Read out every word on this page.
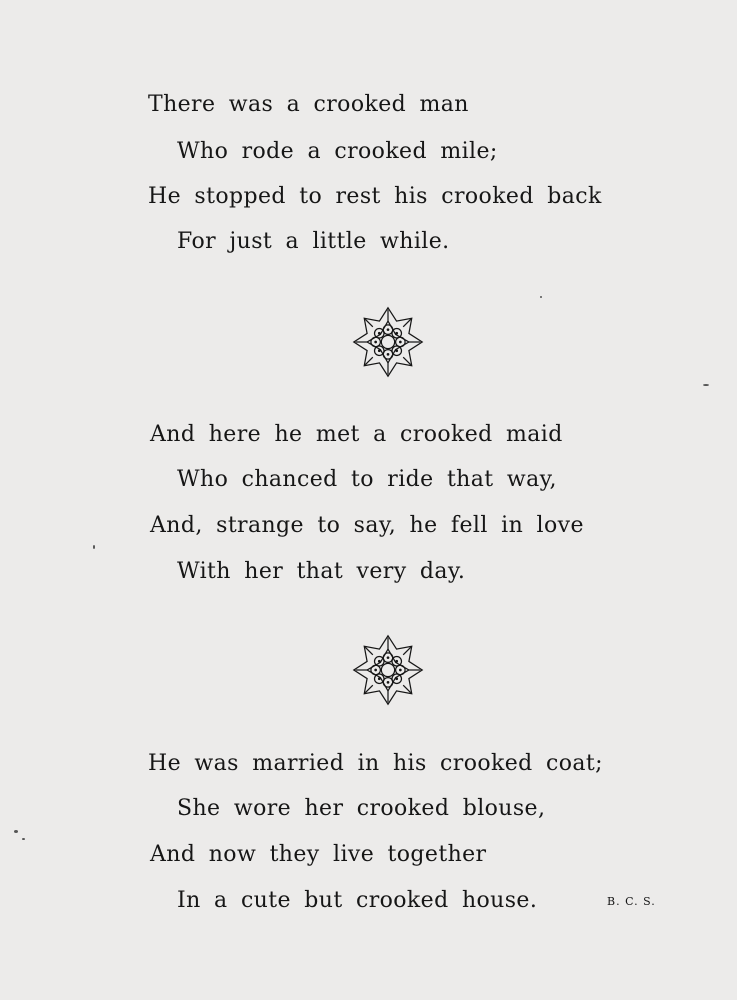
There was a crooked man
Who rode a crooked mile;
He stopped to rest his crooked back
For just a little while.
And here he met a crooked maid
Who chanced to ride that way,
And, strange to say, he fell in love
With her that very day.
He was married in his crooked coat;
She wore her crooked blouse,
And now they live together
In a cute but crooked house.	B. C. S.
